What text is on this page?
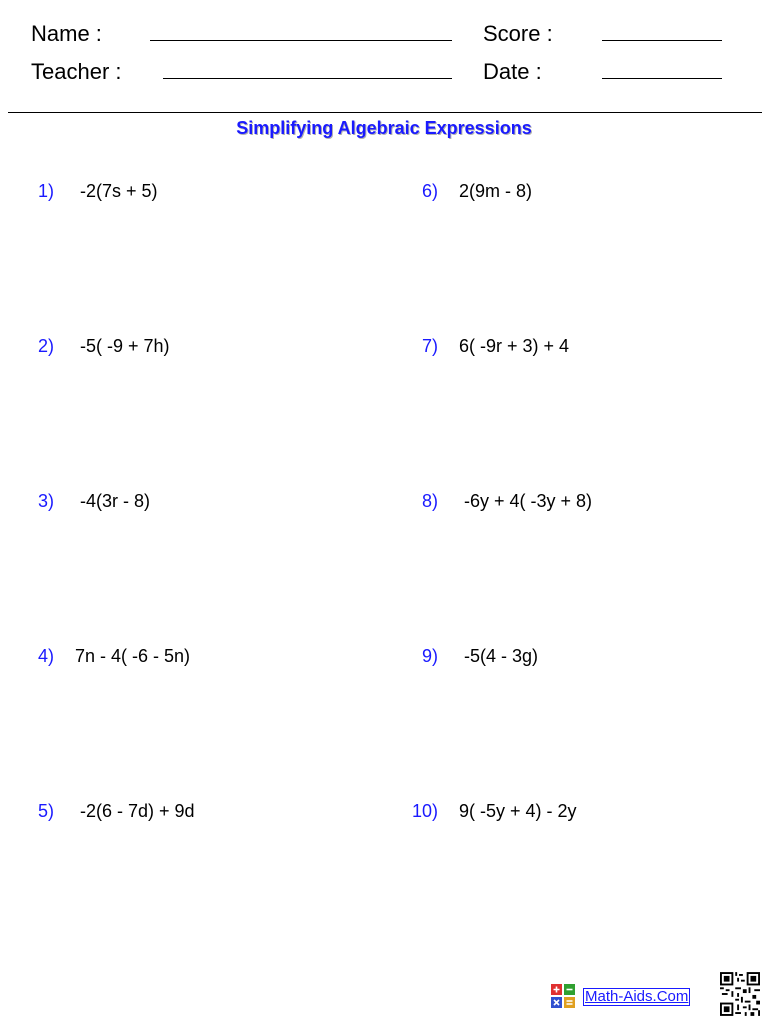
Name :
Teacher :
Score :
Date :
Simplifying Algebraic Expressions
1) -2(7s + 5)
2) -5( -9 + 7h)
3) -4(3r - 8)
4) 7n - 4( -6 - 5n)
5) -2(6 - 7d) + 9d
6) 2(9m - 8)
7) 6( -9r + 3) + 4
8) -6y + 4( -3y + 8)
9) -5(4 - 3g)
10) 9( -5y + 4) - 2y
Math-Aids.Com
